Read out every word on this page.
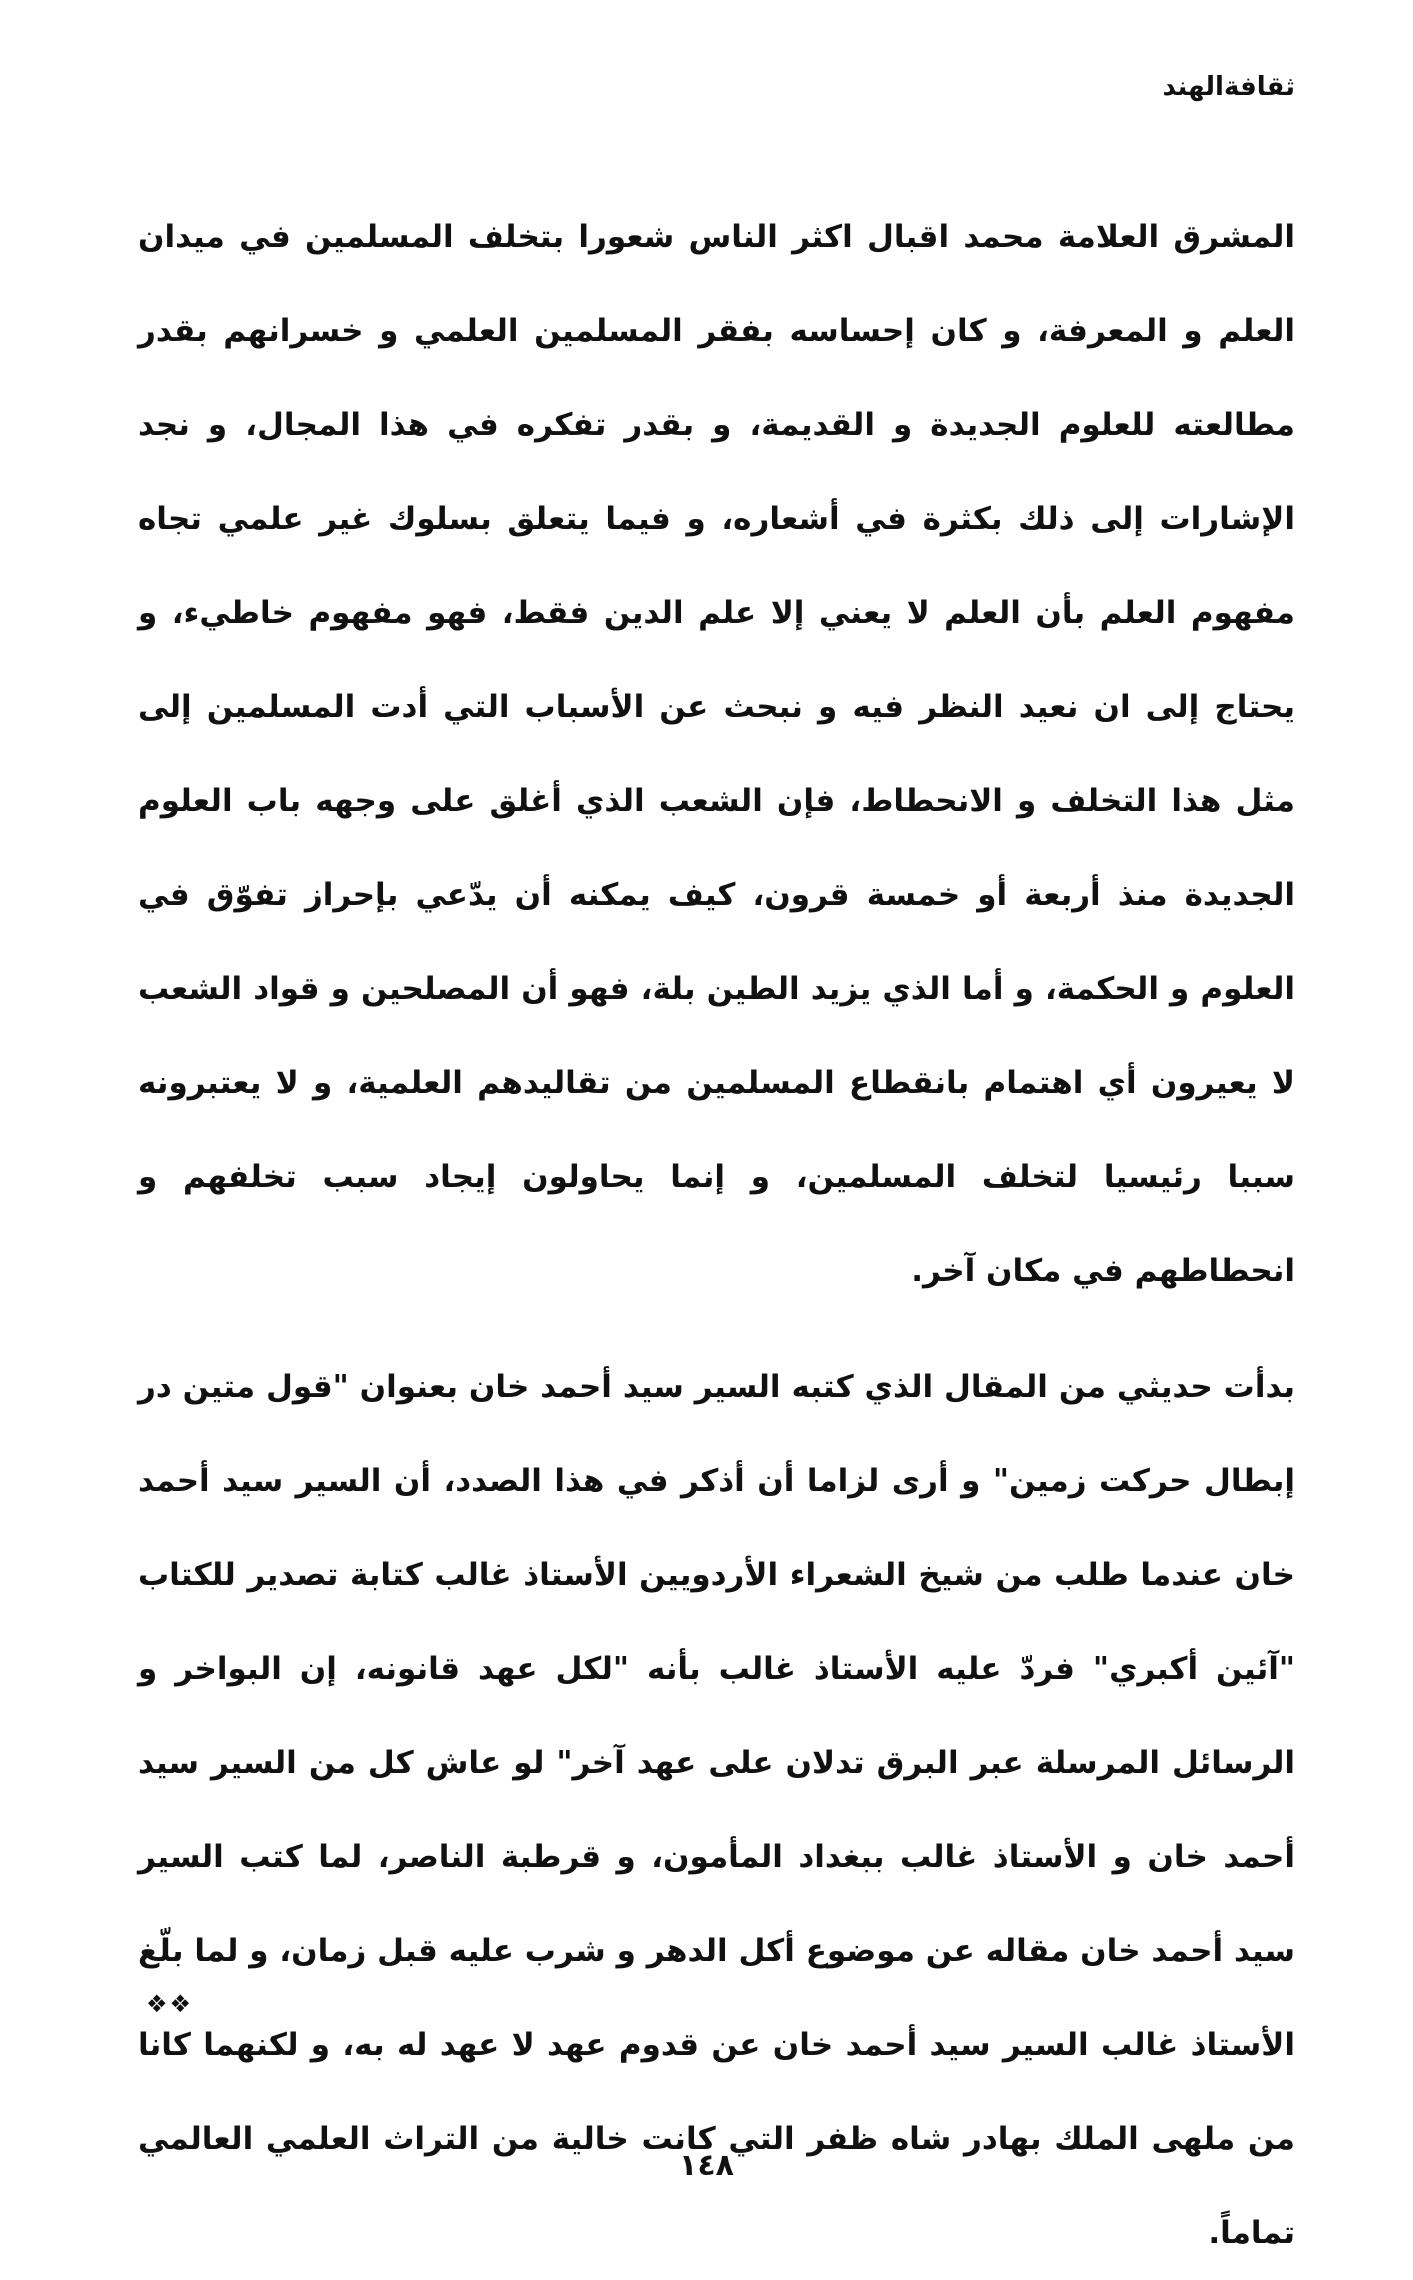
ثقافةالهند

المشرق العلامة محمد اقبال اكثر الناس شعورا بتخلف المسلمين في ميدان العلم و المعرفة، و كان إحساسه بفقر المسلمين العلمي و خسرانهم بقدر مطالعته للعلوم الجديدة و القديمة، و بقدر تفكره في هذا المجال، و نجد الإشارات إلى ذلك بكثرة في أشعاره، و فيما يتعلق بسلوك غير علمي تجاه مفهوم العلم بأن العلم لا يعني إلا علم الدين فقط، فهو مفهوم خاطيء، و يحتاج إلى ان نعيد النظر فيه و نبحث عن الأسباب التي أدت المسلمين إلى مثل هذا التخلف و الانحطاط، فإن الشعب الذي أغلق على وجهه باب العلوم الجديدة منذ أربعة أو خمسة قرون، كيف يمكنه أن يدّعي بإحراز تفوّق في العلوم و الحكمة، و أما الذي يزيد الطين بلة، فهو أن المصلحين و قواد الشعب لا يعيرون أي اهتمام بانقطاع المسلمين من تقاليدهم العلمية، و لا يعتبرونه سببا رئيسيا لتخلف المسلمين، و إنما يحاولون إيجاد سبب تخلفهم و انحطاطهم في مكان آخر.

بدأت حديثي من المقال الذي كتبه السير سيد أحمد خان بعنوان "قول متين در إبطال حركت زمين" و أرى لزاما أن أذكر في هذا الصدد، أن السير سيد أحمد خان عندما طلب من شيخ الشعراء الأردويين الأستاذ غالب كتابة تصدير للكتاب "آئين أكبري" فردّ عليه الأستاذ غالب بأنه "لكل عهد قانونه، إن البواخر و الرسائل المرسلة عبر البرق تدلان على عهد آخر" لو عاش كل من السير سيد أحمد خان و الأستاذ غالب ببغداد المأمون، و قرطبة الناصر، لما كتب السير سيد أحمد خان مقاله عن موضوع أكل الدهر و شرب عليه قبل زمان، و لما بلّغ الأستاذ غالب السير سيد أحمد خان عن قدوم عهد لا عهد له به، و لكنهما كانا من ملهى الملك بهادر شاه ظفر التي كانت خالية من التراث العلمي العالمي تماماً.

❖❖
١٤٨
